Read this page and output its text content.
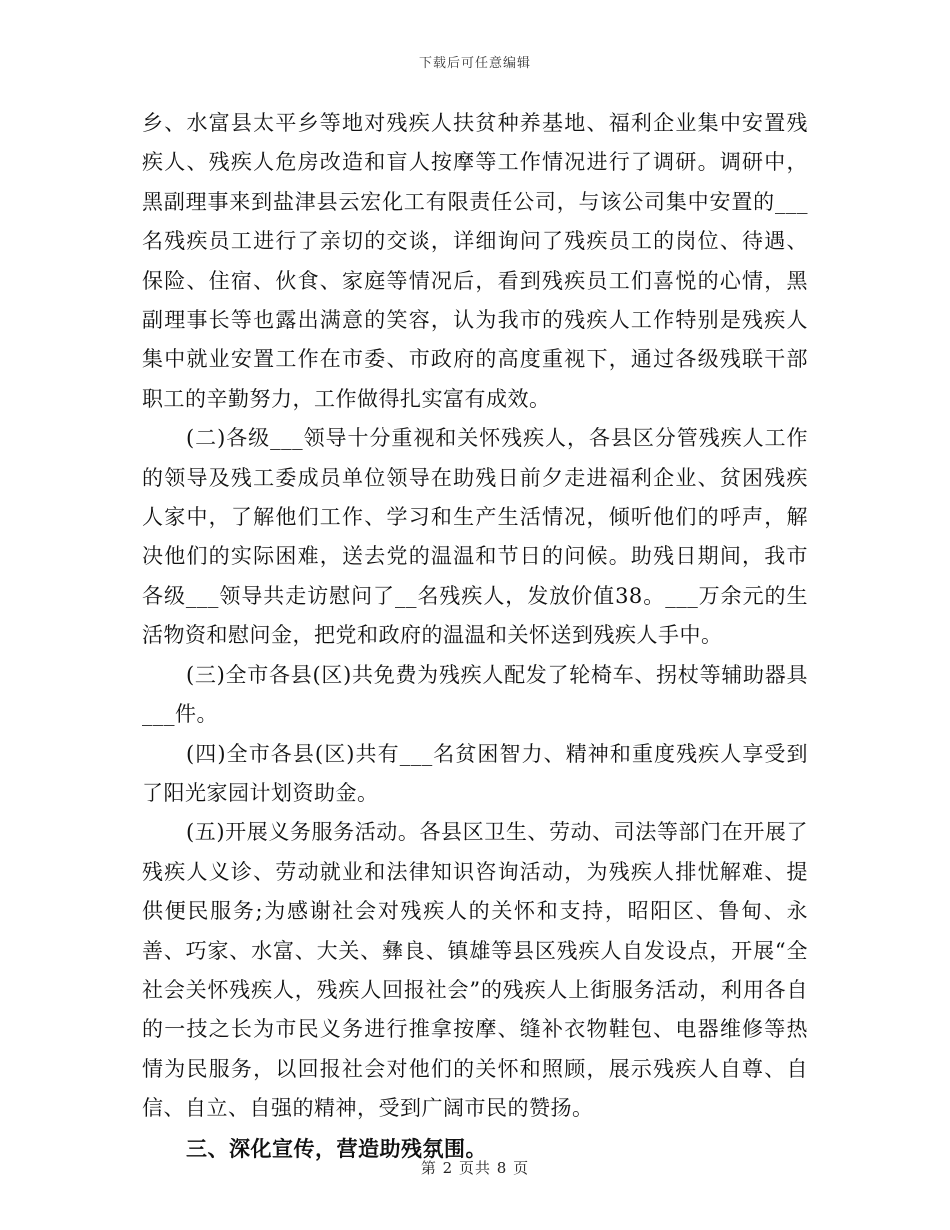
下载后可任意编辑

乡、水富县太平乡等地对残疾人扶贫种养基地、福利企业集中安置残疾人、残疾人危房改造和盲人按摩等工作情况进行了调研。调研中，黑副理事来到盐津县云宏化工有限责任公司，与该公司集中安置的___名残疾员工进行了亲切的交谈，详细询问了残疾员工的岗位、待遇、保险、住宿、伙食、家庭等情况后，看到残疾员工们喜悦的心情，黑副理事长等也露出满意的笑容，认为我市的残疾人工作特别是残疾人集中就业安置工作在市委、市政府的高度重视下，通过各级残联干部职工的辛勤努力，工作做得扎实富有成效。

(二)各级___领导十分重视和关怀残疾人，各县区分管残疾人工作的领导及残工委成员单位领导在助残日前夕走进福利企业、贫困残疾人家中，了解他们工作、学习和生产生活情况，倾听他们的呼声，解决他们的实际困难，送去党的温温和节日的问候。助残日期间，我市各级___领导共走访慰问了__名残疾人，发放价值38。___万余元的生活物资和慰问金，把党和政府的温温和关怀送到残疾人手中。

(三)全市各县(区)共免费为残疾人配发了轮椅车、拐杖等辅助器具___件。

(四)全市各县(区)共有___名贫困智力、精神和重度残疾人享受到了阳光家园计划资助金。

(五)开展义务服务活动。各县区卫生、劳动、司法等部门在开展了残疾人义诊、劳动就业和法律知识咨询活动，为残疾人排忧解难、提供便民服务;为感谢社会对残疾人的关怀和支持，昭阳区、鲁甸、永善、巧家、水富、大关、彝良、镇雄等县区残疾人自发设点，开展“全社会关怀残疾人，残疾人回报社会”的残疾人上街服务活动，利用各自的一技之长为市民义务进行推拿按摩、缝补衣物鞋包、电器维修等热情为民服务，以回报社会对他们的关怀和照顾，展示残疾人自尊、自信、自立、自强的精神，受到广阔市民的赞扬。

三、深化宣传，营造助残氛围。

第 2 页共 8 页
